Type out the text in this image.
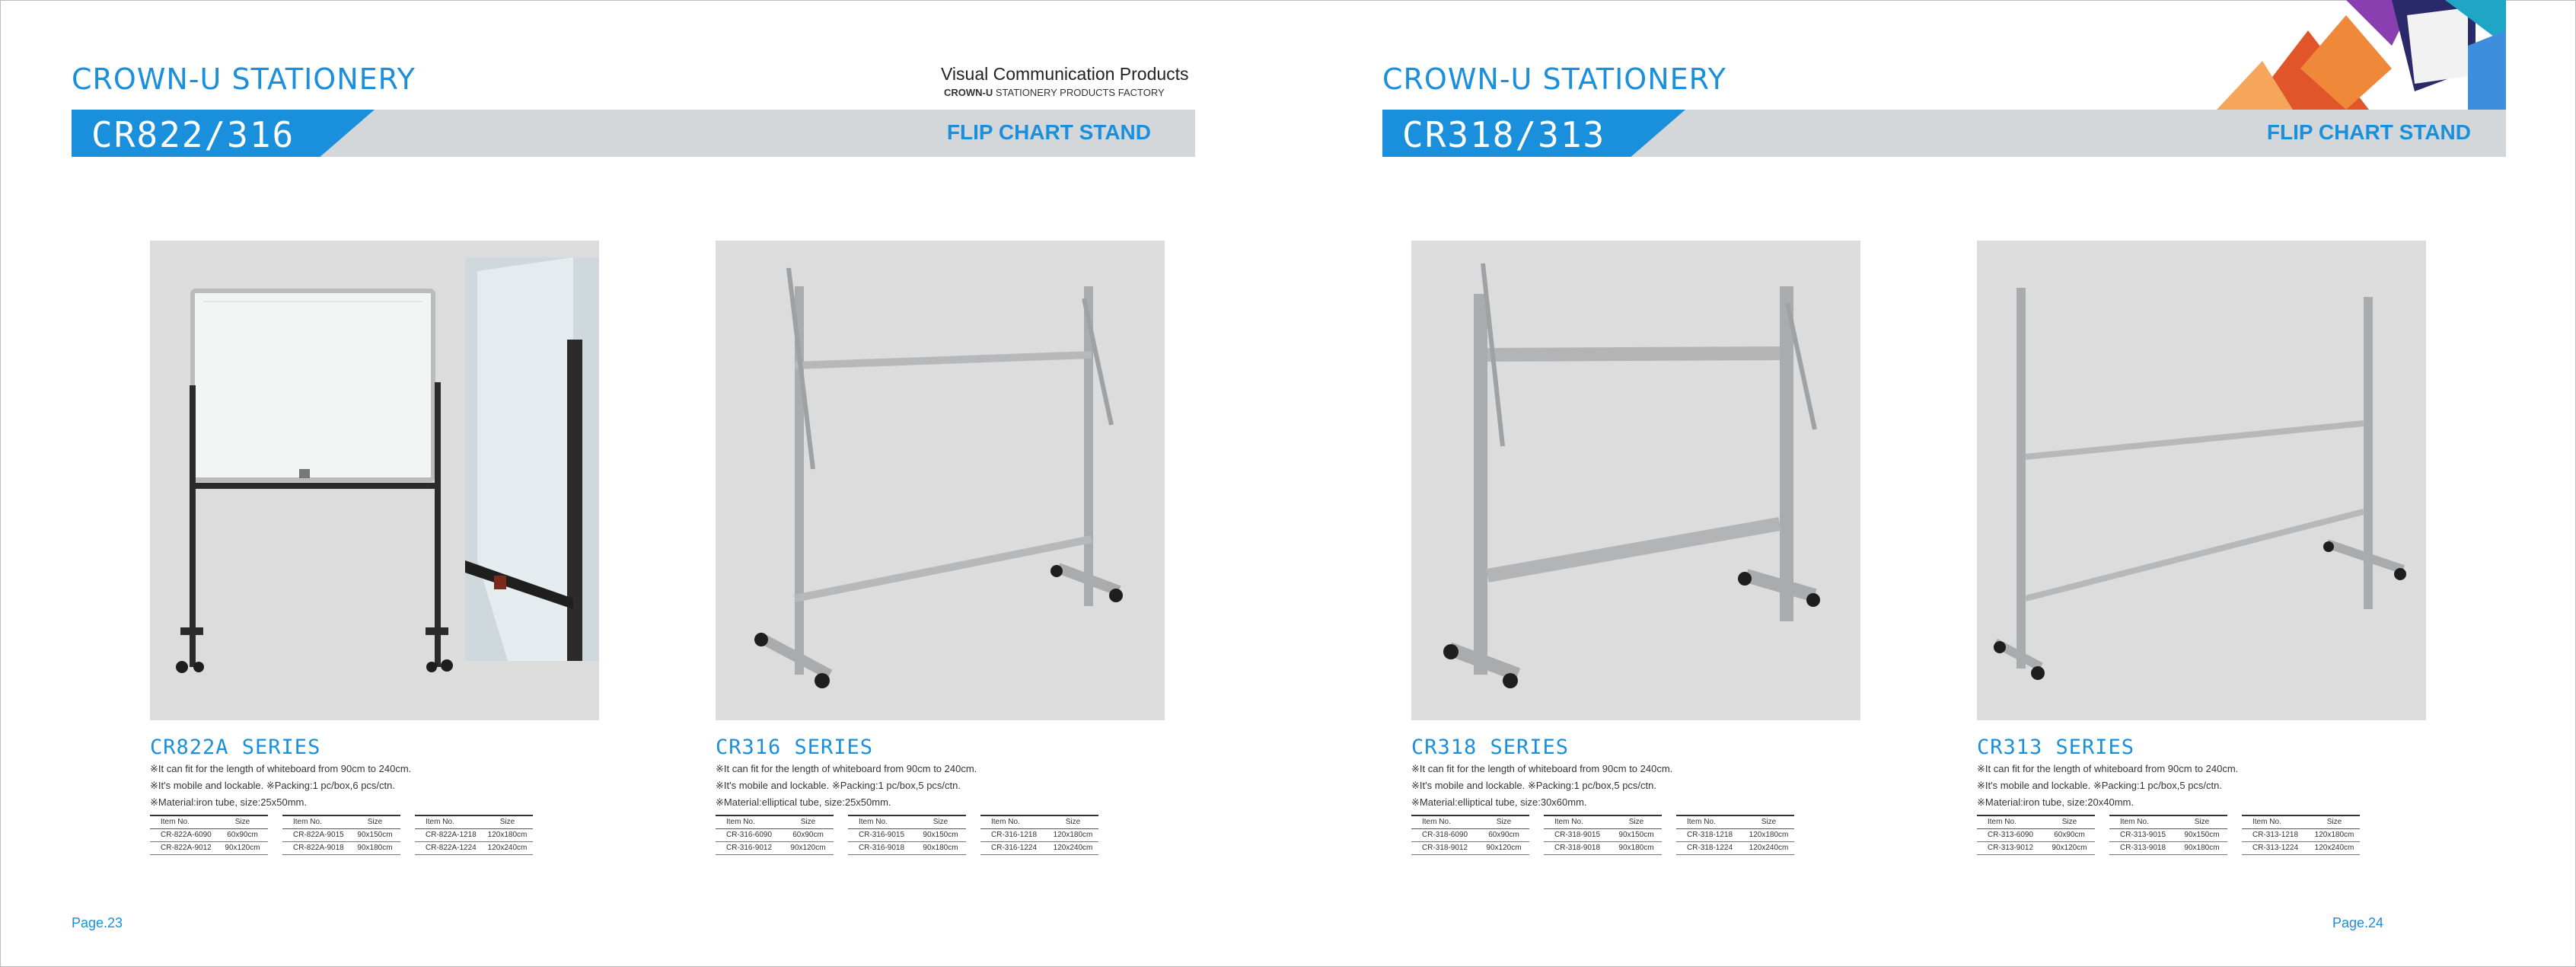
CROWN-U STATIONERY	Visual Communication Products
CROWN-U STATIONERY PRODUCTS FACTORY
CR822/316	FLIP CHART STAND
CR822A SERIES
※It can fit for the length of whiteboard from 90cm to 240cm.
※It's mobile and lockable. ※Packing:1 pc/box,6 pcs/ctn.
※Material:iron tube, size:25x50mm.
Item No.	Size
CR-822A-6090	60x90cm
CR-822A-9012	90x120cm
Item No.	Size
CR-822A-9015	90x150cm
CR-822A-9018	90x180cm
Item No.	Size
CR-822A-1218	120x180cm
CR-822A-1224	120x240cm
CR316 SERIES
※It can fit for the length of whiteboard from 90cm to 240cm.
※It's mobile and lockable. ※Packing:1 pc/box,5 pcs/ctn.
※Material:elliptical tube, size:25x50mm.
Item No.	Size
CR-316-6090	60x90cm
CR-316-9012	90x120cm
Item No.	Size
CR-316-9015	90x150cm
CR-316-9018	90x180cm
Item No.	Size
CR-316-1218	120x180cm
CR-316-1224	120x240cm
Page.23
CROWN-U STATIONERY
CR318/313	FLIP CHART STAND
CR318 SERIES
※It can fit for the length of whiteboard from 90cm to 240cm.
※It's mobile and lockable. ※Packing:1 pc/box,5 pcs/ctn.
※Material:elliptical tube, size:30x60mm.
Item No.	Size
CR-318-6090	60x90cm
CR-318-9012	90x120cm
Item No.	Size
CR-318-9015	90x150cm
CR-318-9018	90x180cm
Item No.	Size
CR-318-1218	120x180cm
CR-318-1224	120x240cm
CR313 SERIES
※It can fit for the length of whiteboard from 90cm to 240cm.
※It's mobile and lockable. ※Packing:1 pc/box,5 pcs/ctn.
※Material:iron tube, size:20x40mm.
Item No.	Size
CR-313-6090	60x90cm
CR-313-9012	90x120cm
Item No.	Size
CR-313-9015	90x150cm
CR-313-9018	90x180cm
Item No.	Size
CR-313-1218	120x180cm
CR-313-1224	120x240cm
Page.24
